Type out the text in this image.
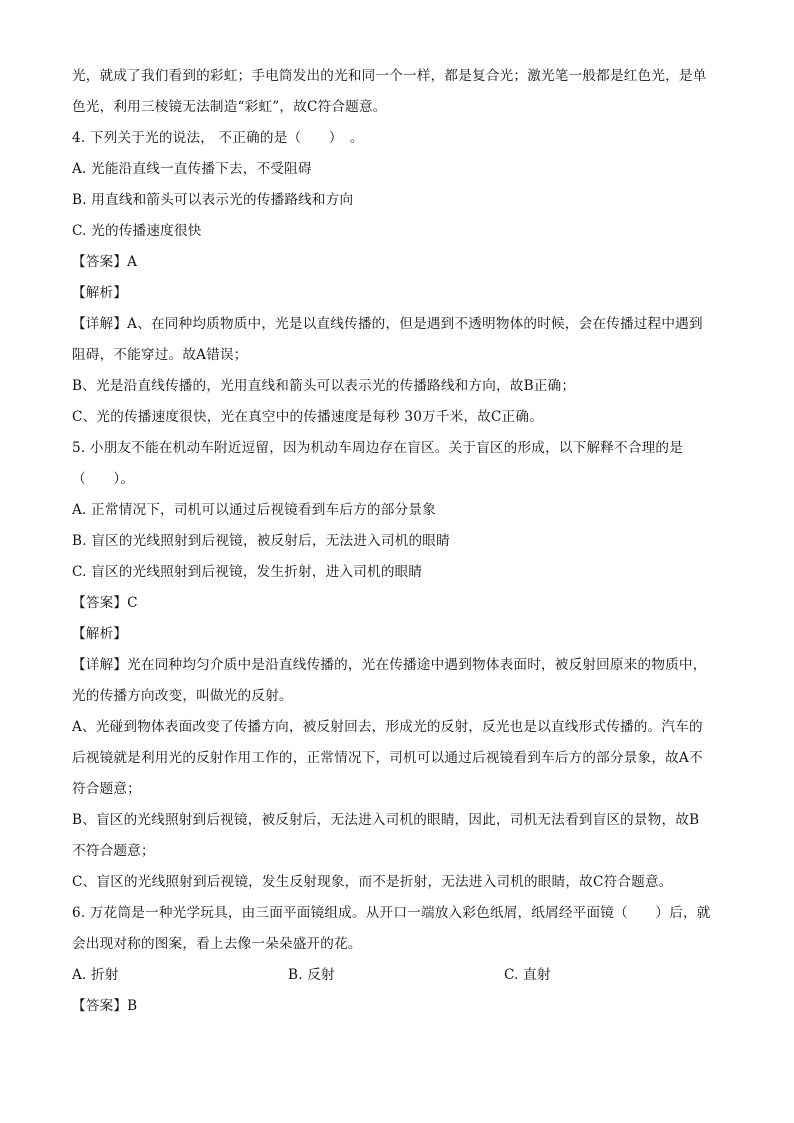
光，就成了我们看到的彩虹；手电筒发出的光和同一个一样，都是复合光；激光笔一般都是红色光，是单
色光，利用三棱镜无法制造“彩虹”，故C符合题意。
4. 下列关于光的说法， 不正确的是（　　）　。
A. 光能沿直线一直传播下去，不受阻碍
B. 用直线和箭头可以表示光的传播路线和方向
C. 光的传播速度很快
【答案】A
【解析】
【详解】A、在同种均质物质中，光是以直线传播的，但是遇到不透明物体的时候，会在传播过程中遇到
阻碍，不能穿过。故A错误；
B、光是沿直线传播的，光用直线和箭头可以表示光的传播路线和方向，故B正确；
C、光的传播速度很快，光在真空中的传播速度是每秒 30万千米，故C正确。
5. 小朋友不能在机动车附近逗留，因为机动车周边存在盲区。关于盲区的形成，以下解释不合理的是
（　　）。
A. 正常情况下，司机可以通过后视镜看到车后方的部分景象
B. 盲区的光线照射到后视镜，被反射后，无法进入司机的眼睛
C. 盲区的光线照射到后视镜，发生折射，进入司机的眼睛
【答案】C
【解析】
【详解】光在同种均匀介质中是沿直线传播的，光在传播途中遇到物体表面时，被反射回原来的物质中，
光的传播方向改变，叫做光的反射。
A、光碰到物体表面改变了传播方向，被反射回去，形成光的反射，反光也是以直线形式传播的。汽车的
后视镜就是利用光的反射作用工作的，正常情况下，司机可以通过后视镜看到车后方的部分景象，故A不
符合题意；
B、盲区的光线照射到后视镜，被反射后，无法进入司机的眼睛，因此，司机无法看到盲区的景物，故B
不符合题意；
C、盲区的光线照射到后视镜，发生反射现象，而不是折射，无法进入司机的眼睛，故C符合题意。
6. 万花筒是一种光学玩具，由三面平面镜组成。从开口一端放入彩色纸屑，纸屑经平面镜（　　）后，就
会出现对称的图案，看上去像一朵朵盛开的花。
A. 折射	B. 反射	C. 直射
【答案】B
